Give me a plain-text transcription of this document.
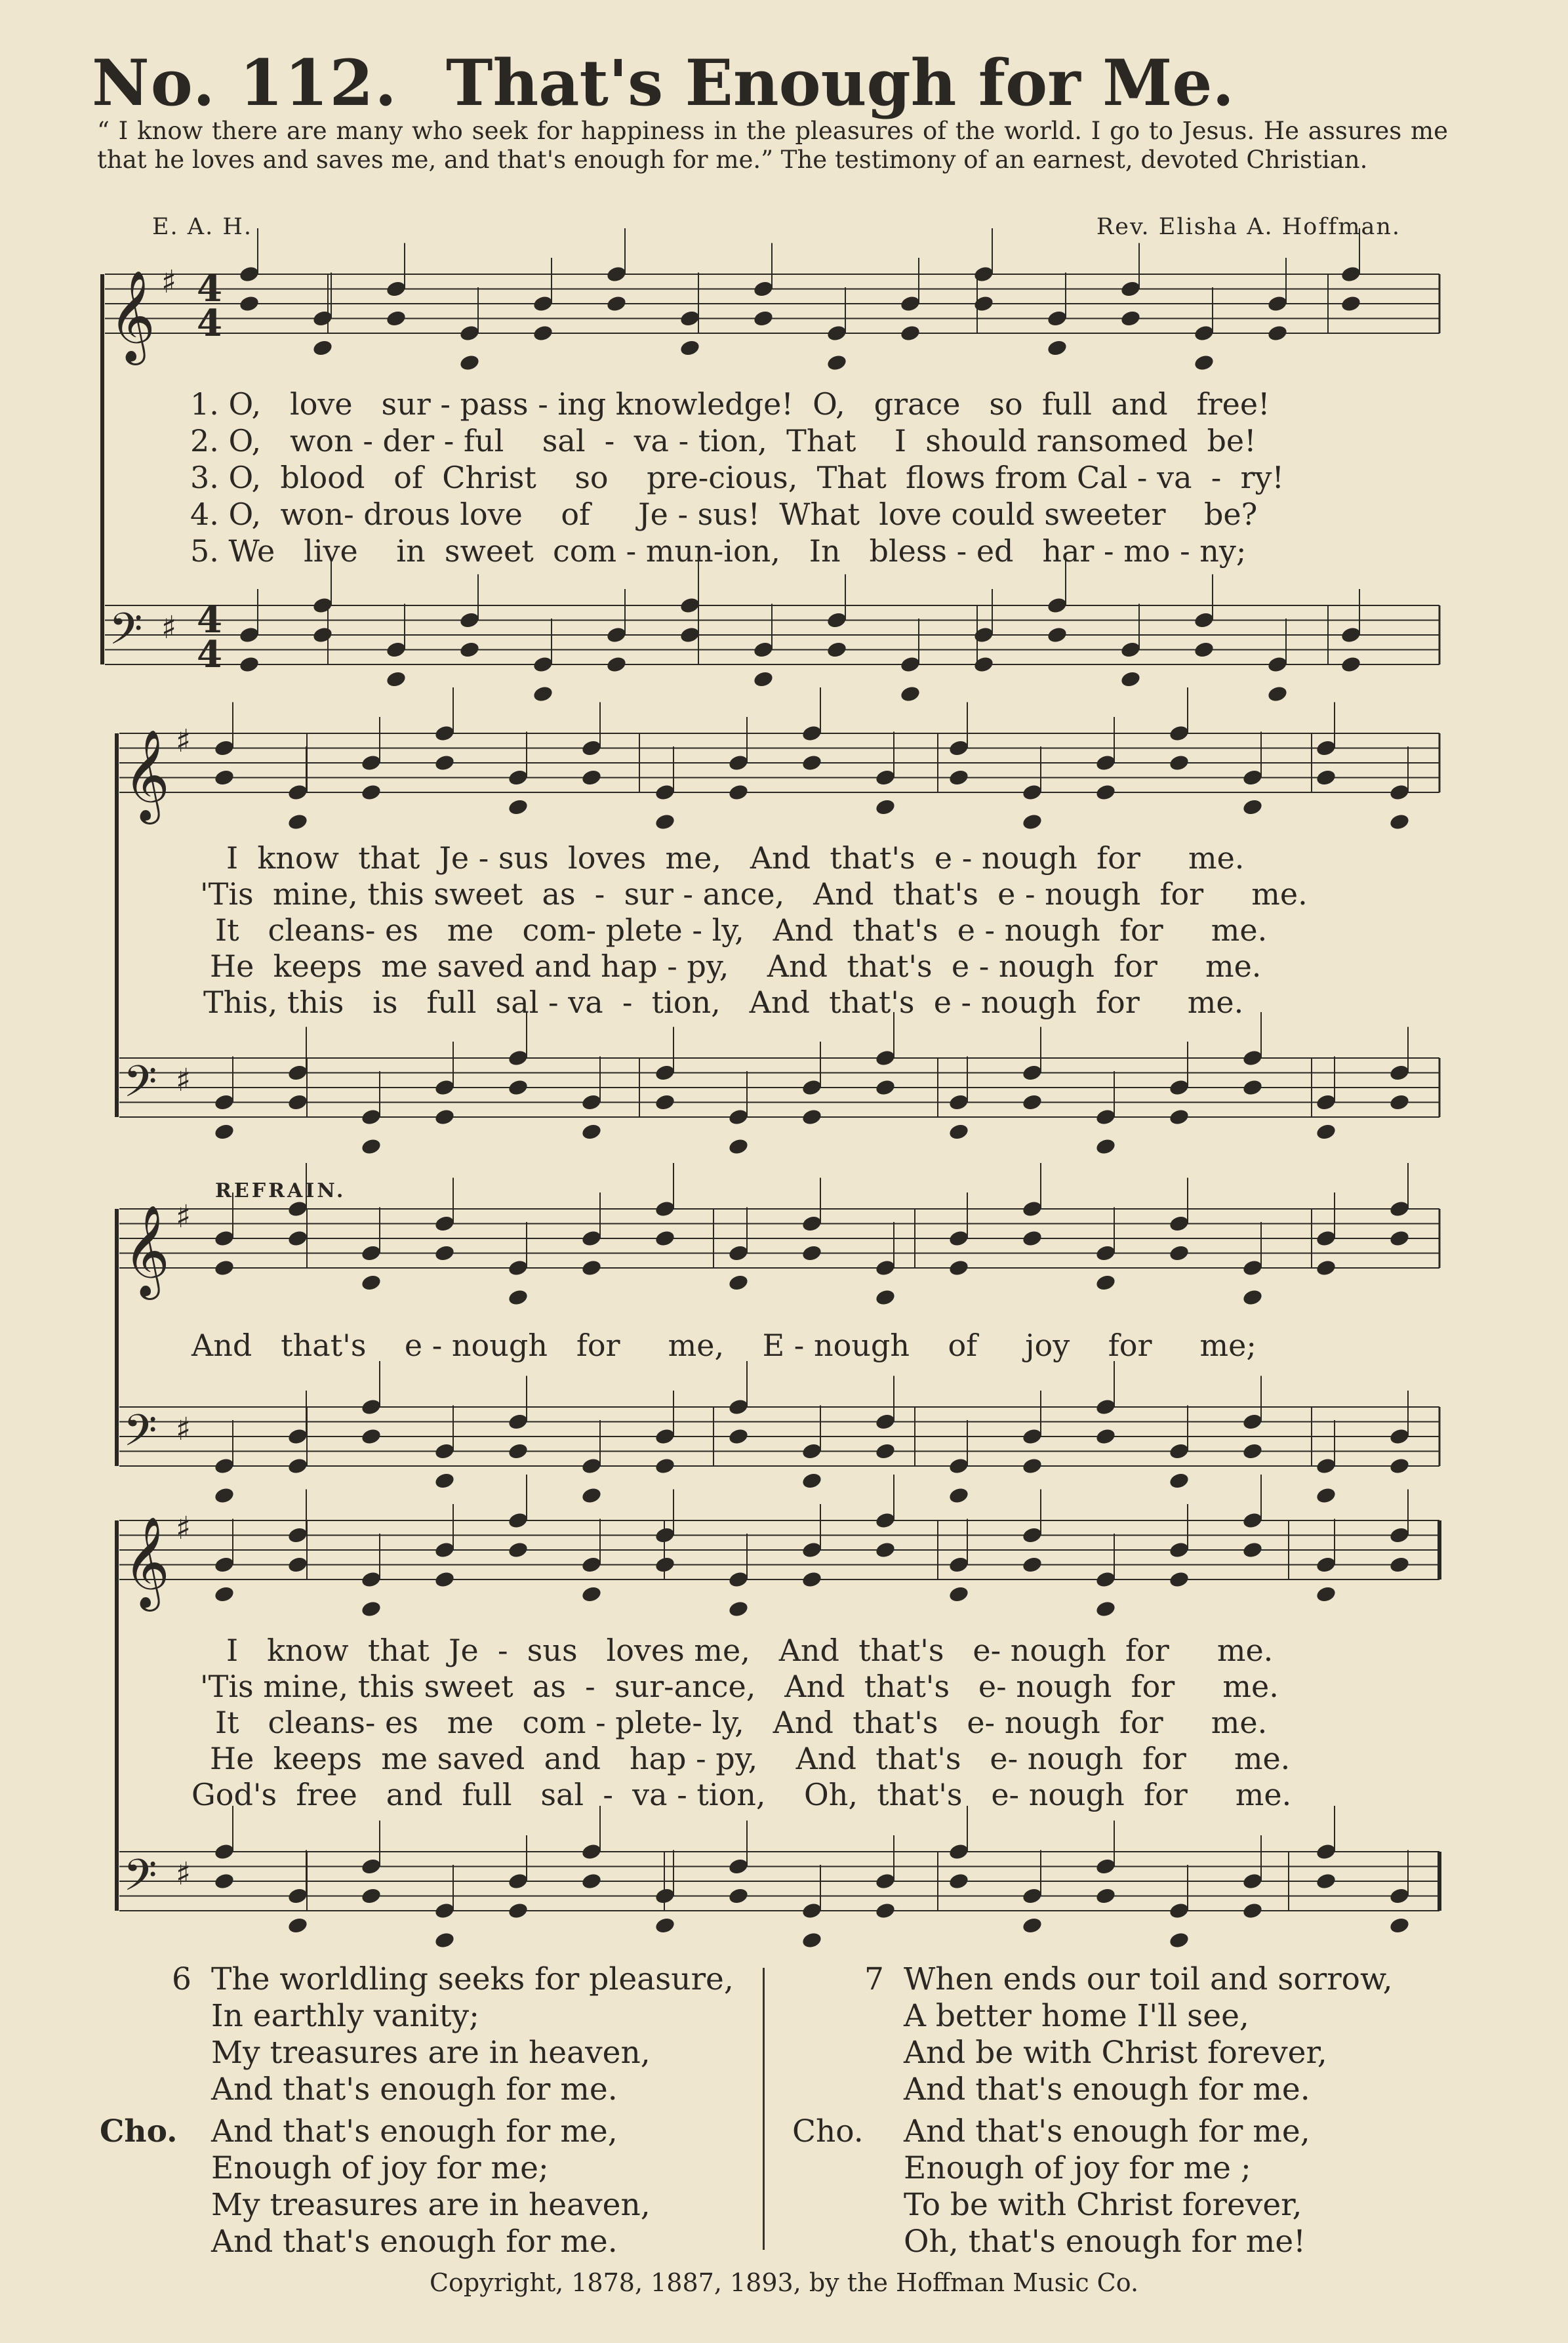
No. 112. That's Enough for Me.
“ I know there are many who seek for happiness in the pleasures of the world. I go to Jesus. He assures me that he loves and saves me, and that's enough for me.” The testimony of an earnest, devoted Christian.
E. A. H.	Rev. Elisha A. Hoffman.
𝄞 ♯ 4
4
𝄢 ♯ 4
4
𝄞 ♯
𝄢 ♯
𝄞 ♯
𝄢 ♯
𝄞 ♯
𝄢 ♯
1. O,   love   sur - pass - ing knowledge!  O,   grace   so  full  and   free!
2. O,   won - der - ful    sal  -  va - tion,  That    I  should ransomed  be!
3. O,  blood   of  Christ    so    pre-cious,  That  flows from Cal - va  -  ry!
4. O,  won- drous love    of     Je - sus!  What  love could sweeter    be?
5. We   live    in  sweet  com - mun-ion,   In   bless - ed   har - mo - ny;
I  know  that  Je - sus  loves  me,   And  that's  e - nough  for     me.
'Tis  mine, this sweet  as  -  sur - ance,   And  that's  e - nough  for     me.
It   cleans- es   me   com- plete - ly,   And  that's  e - nough  for     me.
He  keeps  me saved and hap - py,    And  that's  e - nough  for     me.
This, this   is   full  sal - va  -  tion,   And  that's  e - nough  for     me.
REFRAIN.
And   that's    e - nough   for     me,    E - nough    of     joy    for     me;
I   know  that  Je  -  sus   loves me,   And  that's   e- nough  for     me.
'Tis mine, this sweet  as  -  sur-ance,   And  that's   e- nough  for     me.
It   cleans- es   me   com - plete- ly,   And  that's   e- nough  for     me.
He  keeps  me saved  and   hap - py,    And  that's   e- nough  for     me.
God's  free   and  full   sal  -  va - tion,    Oh,  that's   e- nough  for     me.
6 The worldling seeks for pleasure,
In earthly vanity;
My treasures are in heaven,
And that's enough for me.
Cho. And that's enough for me,
Enough of joy for me;
My treasures are in heaven,
And that's enough for me.
7 When ends our toil and sorrow,
A better home I'll see,
And be with Christ forever,
And that's enough for me.
Cho. And that's enough for me,
Enough of joy for me ;
To be with Christ forever,
Oh, that's enough for me!
Copyright, 1878, 1887, 1893, by the Hoffman Music Co.
